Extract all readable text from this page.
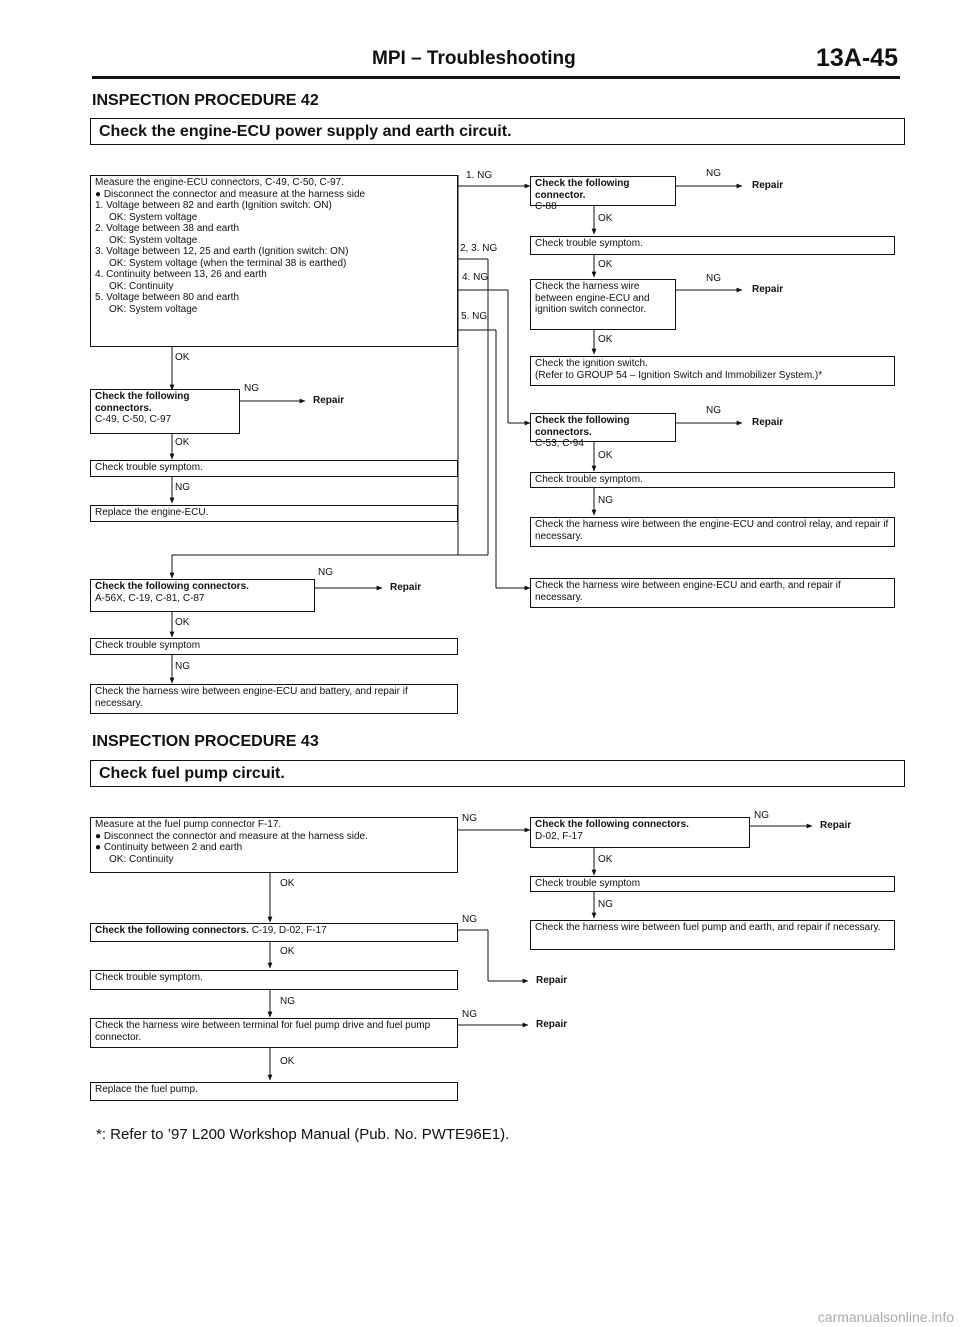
MPI – Troubleshooting	13A-45
INSPECTION PROCEDURE 42
Check the engine-ECU power supply and earth circuit.
Measure the engine-ECU connectors, C-49, C-50, C-97.
● Disconnect the connector and measure at the harness side
1. Voltage between 82 and earth (Ignition switch: ON)
OK: System voltage
2. Voltage between 38 and earth
OK: System voltage
3. Voltage between 12, 25 and earth (Ignition switch: ON)
OK: System voltage (when the terminal 38 is earthed)
4. Continuity between 13, 26 and earth
OK: Continuity
5. Voltage between 80 and earth
OK: System voltage
1. NG
2, 3. NG
4. NG
5. NG
OK
Check the following connectors.
C-49, C-50, C-97
NG
Repair
OK
Check trouble symptom.
NG
Replace the engine-ECU.
Check the following connectors.
A-56X, C-19, C-81, C-87
NG
Repair
OK
Check trouble symptom
NG
Check the harness wire between engine-ECU and battery, and repair if necessary.
Check the following connector.
C-88
NG
Repair
OK
Check trouble symptom.
OK
Check the harness wire between engine-ECU and ignition switch connector.
NG
Repair
OK
Check the ignition switch.
(Refer to GROUP 54 – Ignition Switch and Immobilizer System.)*
Check the following connectors.
C-53, C-94
NG
Repair
OK
Check trouble symptom.
NG
Check the harness wire between the engine-ECU and control relay, and repair if necessary.
Check the harness wire between engine-ECU and earth, and repair if necessary.
INSPECTION PROCEDURE 43
Check fuel pump circuit.
Measure at the fuel pump connector F-17.
● Disconnect the connector and measure at the harness side.
● Continuity between 2 and earth
OK: Continuity
NG
OK
Check the following connectors. C-19, D-02, F-17
NG
OK
Check trouble symptom.	Repair
NG
Check the harness wire between terminal for fuel pump drive and fuel pump connector.
NG
Repair
OK
Replace the fuel pump.
Check the following connectors.
D-02, F-17
NG
Repair
OK
Check trouble symptom
NG
Check the harness wire between fuel pump and earth, and repair if necessary.
*: Refer to ’97 L200 Workshop Manual (Pub. No. PWTE96E1).
carmanualsonline.info
